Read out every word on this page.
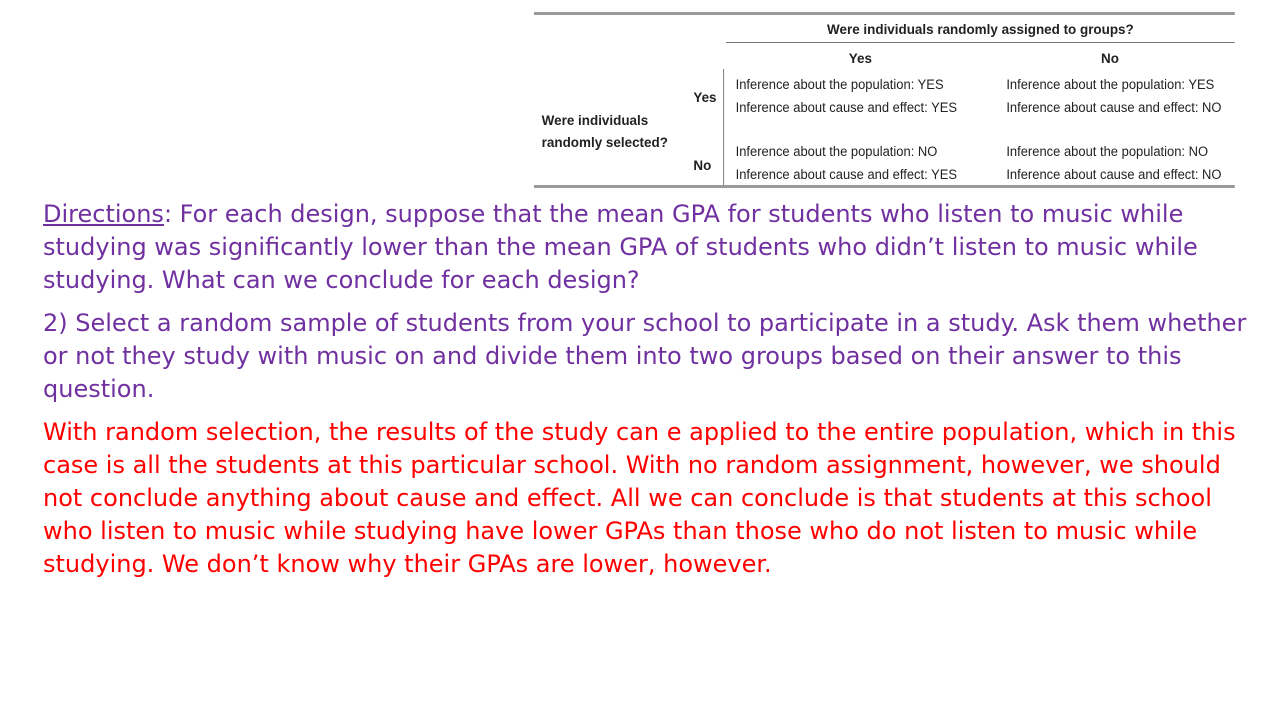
Were individuals randomly assigned to groups?
Yes	No
Were individuals
randomly selected?
Yes
No
Inference about the population: YES
Inference about cause and effect: YES
Inference about the population: YES
Inference about cause and effect: NO
Inference about the population: NO
Inference about cause and effect: YES
Inference about the population: NO
Inference about cause and effect: NO

Directions: For each design, suppose that the mean GPA for students who listen to music while studying was significantly lower than the mean GPA of students who didn’t listen to music while studying. What can we conclude for each design?

2) Select a random sample of students from your school to participate in a study. Ask them whether or not they study with music on and divide them into two groups based on their answer to this question.

With random selection, the results of the study can e applied to the entire population, which in this case is all the students at this particular school. With no random assignment, however, we should not conclude anything about cause and effect. All we can conclude is that students at this school who listen to music while studying have lower GPAs than those who do not listen to music while studying. We don’t know why their GPAs are lower, however.
